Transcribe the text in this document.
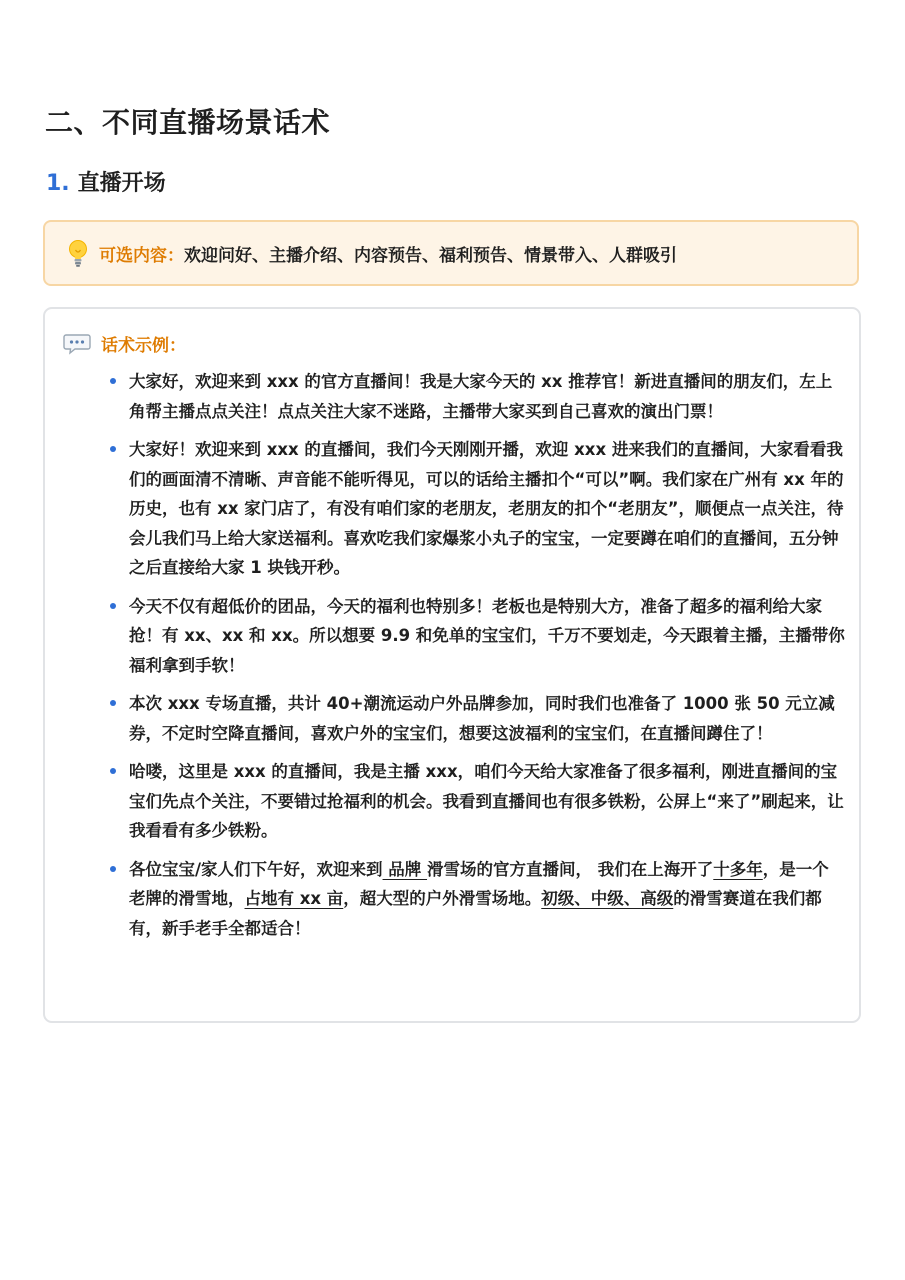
二、不同直播场景话术
1. 直播开场
可选内容： 欢迎问好、主播介绍、内容预告、福利预告、情景带入、人群吸引
话术示例：
大家好，欢迎来到 xxx 的官方直播间！我是大家今天的 xx 推荐官！新进直播间的朋友们，左上角帮主播点点关注！点点关注大家不迷路，主播带大家买到自己喜欢的演出门票！
大家好！欢迎来到 xxx 的直播间，我们今天刚刚开播，欢迎 xxx 进来我们的直播间，大家看看我们的画面清不清晰、声音能不能听得见，可以的话给主播扣个“可以”啊。我们家在广州有 xx 年的历史，也有 xx 家门店了，有没有咱们家的老朋友，老朋友的扣个“老朋友”，顺便点一点关注，待会儿我们马上给大家送福利。喜欢吃我们家爆浆小丸子的宝宝，一定要蹲在咱们的直播间，五分钟之后直接给大家 1 块钱开秒。
今天不仅有超低价的团品，今天的福利也特别多！老板也是特别大方，准备了超多的福利给大家抢！有 xx、xx 和 xx。所以想要 9.9 和免单的宝宝们，千万不要划走，今天跟着主播，主播带你福利拿到手软！
本次 xxx 专场直播，共计 40+潮流运动户外品牌参加，同时我们也准备了 1000 张 50 元立减券，不定时空降直播间，喜欢户外的宝宝们，想要这波福利的宝宝们，在直播间蹲住了！
哈喽，这里是 xxx 的直播间，我是主播 xxx，咱们今天给大家准备了很多福利，刚进直播间的宝宝们先点个关注，不要错过抢福利的机会。我看到直播间也有很多铁粉，公屏上“来了”刷起来，让我看看有多少铁粉。
各位宝宝/家人们下午好，欢迎来到 品牌 滑雪场的官方直播间， 我们在上海开了十多年，是一个老牌的滑雪地，占地有 xx 亩，超大型的户外滑雪场地。初级、中级、高级的滑雪赛道在我们都有，新手老手全都适合！
